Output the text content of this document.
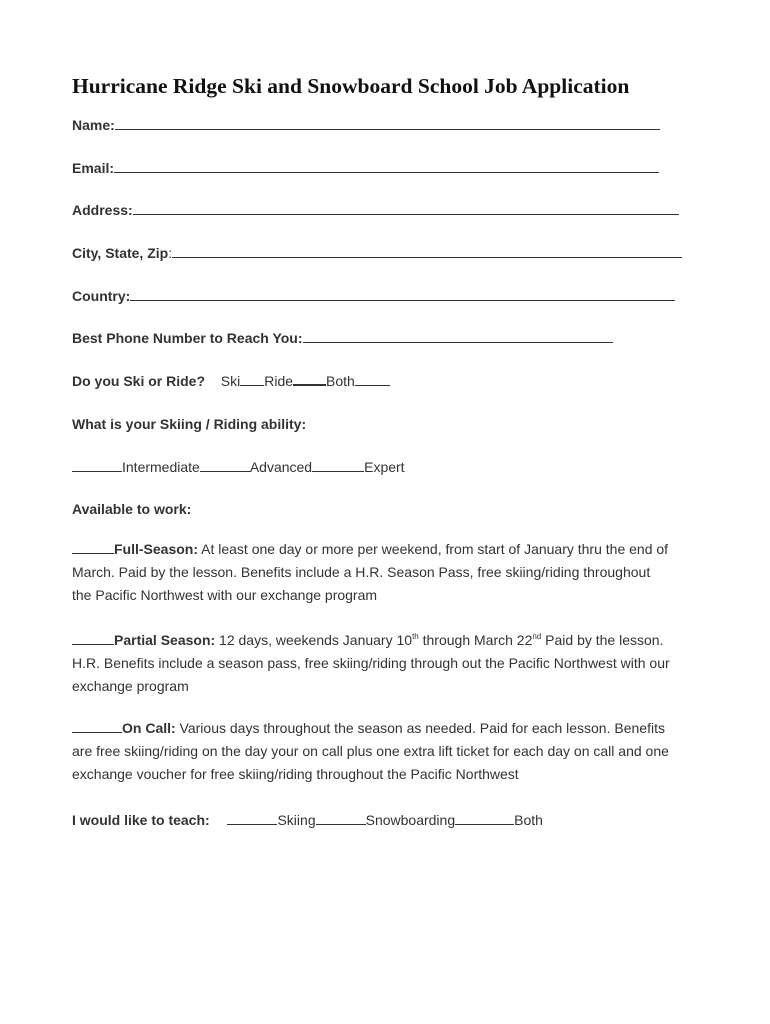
Hurricane Ridge Ski and Snowboard School Job Application
Name:
Email:
Address:
City, State, Zip:
Country:
Best Phone Number to Reach You:
Do you Ski or Ride? Ski Ride Both
What is your Skiing / Riding ability:
Intermediate	Advanced	Expert
Available to work:
Full-Season: At least one day or more per weekend, from start of January thru the end of March. Paid by the lesson. Benefits include a H.R. Season Pass, free skiing/riding throughout the Pacific Northwest with our exchange program
Partial Season: 12 days, weekends January 10th through March 22nd Paid by the lesson. H.R. Benefits include a season pass, free skiing/riding through out the Pacific Northwest with our exchange program
On Call: Various days throughout the season as needed. Paid for each lesson. Benefits are free skiing/riding on the day your on call plus one extra lift ticket for each day on call and one exchange voucher for free skiing/riding throughout the Pacific Northwest
I would like to teach:	Skiing	Snowboarding	Both
